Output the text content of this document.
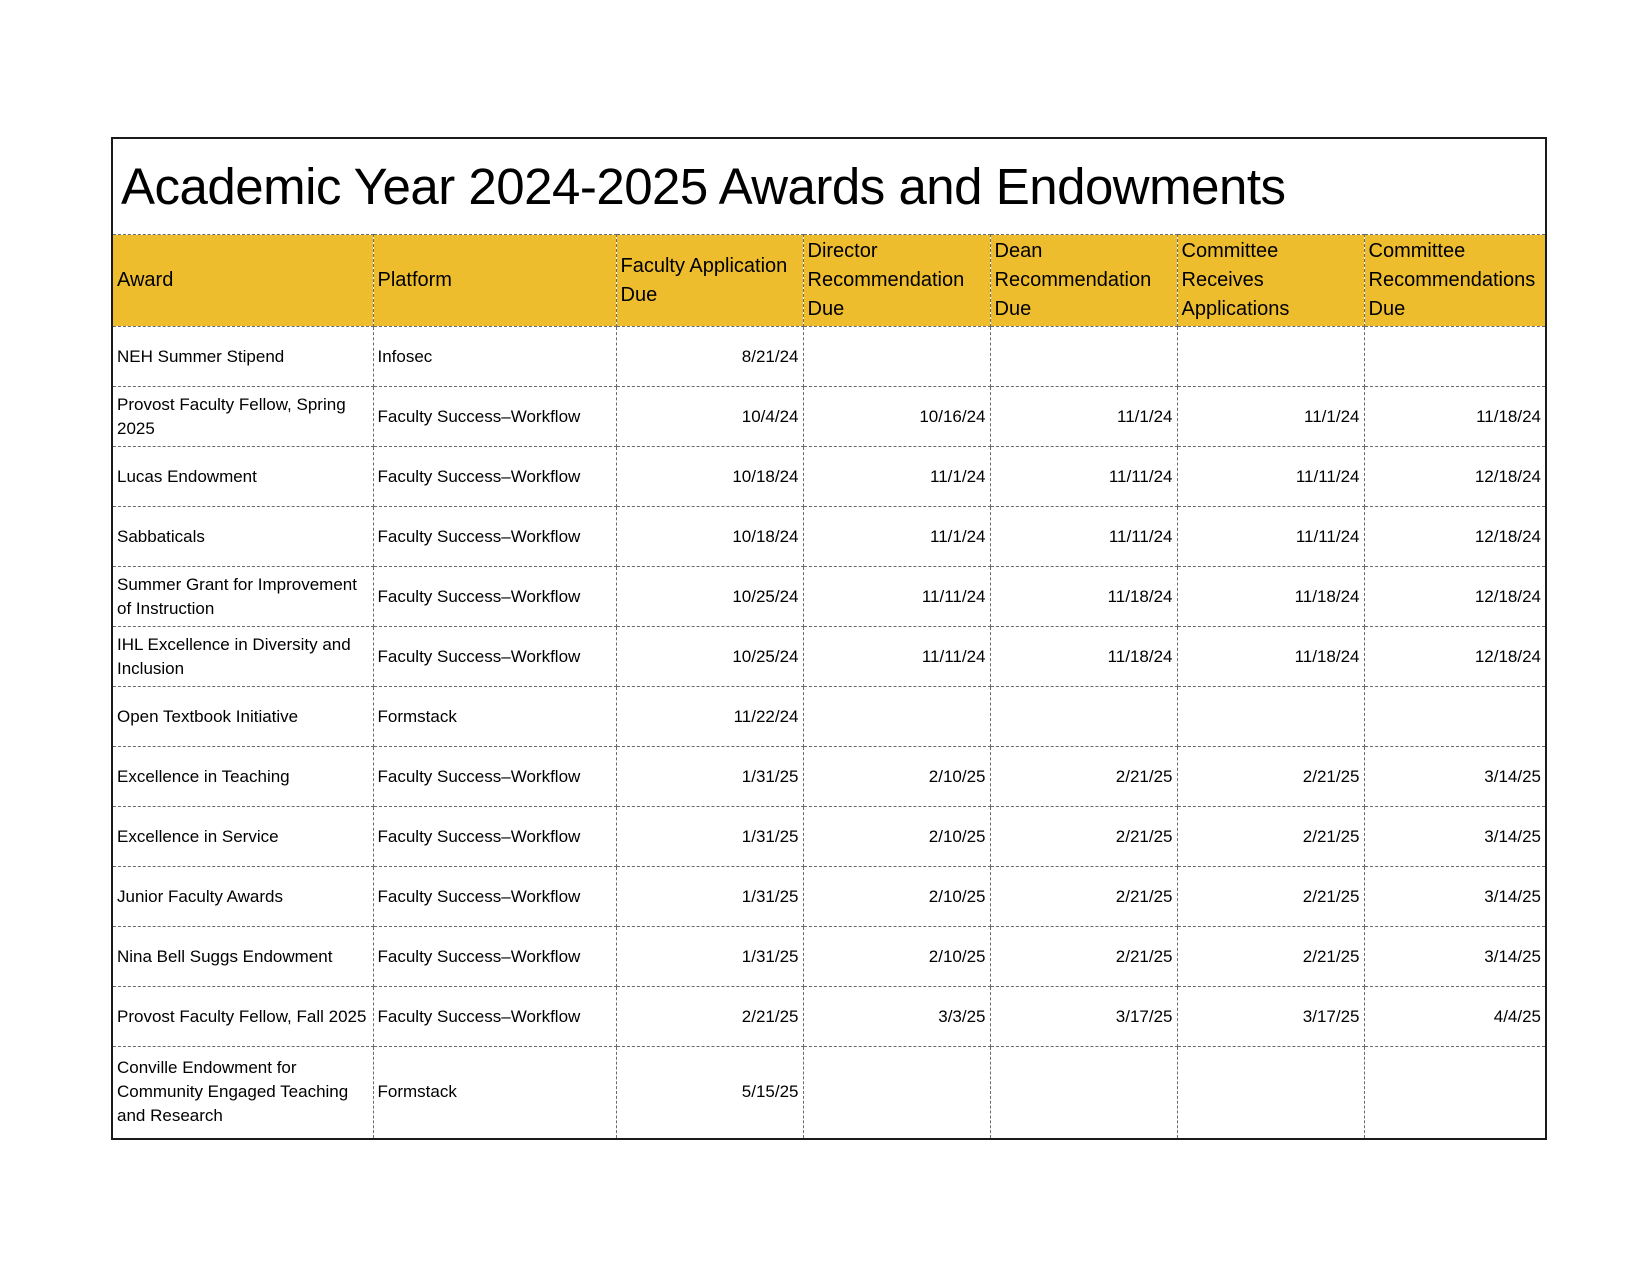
Academic Year 2024-2025 Awards and Endowments
Award	Platform	Faculty Application Due	Director Recommendation Due	Dean Recommendation Due	Committee Receives Applications	Committee Recommendations Due
NEH Summer Stipend	Infosec	8/21/24				
Provost Faculty Fellow, Spring 2025	Faculty Success–Workflow	10/4/24	10/16/24	11/1/24	11/1/24	11/18/24
Lucas Endowment	Faculty Success–Workflow	10/18/24	11/1/24	11/11/24	11/11/24	12/18/24
Sabbaticals	Faculty Success–Workflow	10/18/24	11/1/24	11/11/24	11/11/24	12/18/24
Summer Grant for Improvement of Instruction	Faculty Success–Workflow	10/25/24	11/11/24	11/18/24	11/18/24	12/18/24
IHL Excellence in Diversity and Inclusion	Faculty Success–Workflow	10/25/24	11/11/24	11/18/24	11/18/24	12/18/24
Open Textbook Initiative	Formstack	11/22/24				
Excellence in Teaching	Faculty Success–Workflow	1/31/25	2/10/25	2/21/25	2/21/25	3/14/25
Excellence in Service	Faculty Success–Workflow	1/31/25	2/10/25	2/21/25	2/21/25	3/14/25
Junior Faculty Awards	Faculty Success–Workflow	1/31/25	2/10/25	2/21/25	2/21/25	3/14/25
Nina Bell Suggs Endowment	Faculty Success–Workflow	1/31/25	2/10/25	2/21/25	2/21/25	3/14/25
Provost Faculty Fellow, Fall 2025	Faculty Success–Workflow	2/21/25	3/3/25	3/17/25	3/17/25	4/4/25
Conville Endowment for Community Engaged Teaching and Research	Formstack	5/15/25				
